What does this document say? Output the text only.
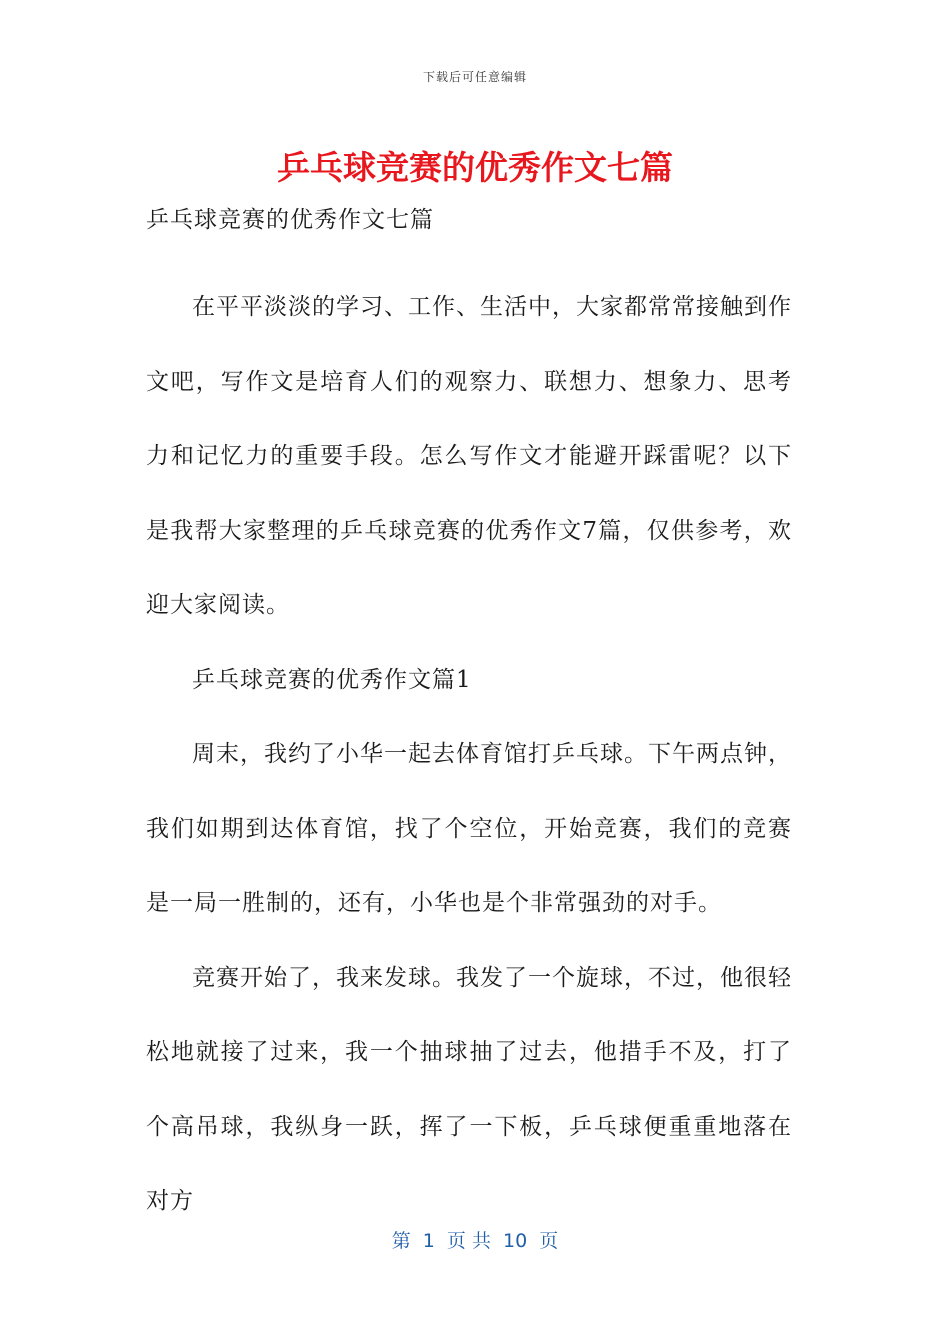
下载后可任意编辑
乒乓球竞赛的优秀作文七篇

乒乓球竞赛的优秀作文七篇

在平平淡淡的学习、工作、生活中，大家都常常接触到作文吧，写作文是培育人们的观察力、联想力、想象力、思考力和记忆力的重要手段。怎么写作文才能避开踩雷呢？以下是我帮大家整理的乒乓球竞赛的优秀作文7篇，仅供参考，欢迎大家阅读。

乒乓球竞赛的优秀作文篇1

周末，我约了小华一起去体育馆打乒乓球。下午两点钟，我们如期到达体育馆，找了个空位，开始竞赛，我们的竞赛是一局一胜制的，还有，小华也是个非常强劲的对手。

竞赛开始了，我来发球。我发了一个旋球，不过，他很轻松地就接了过来，我一个抽球抽了过去，他措手不及，打了个高吊球，我纵身一跃，挥了一下板，乒乓球便重重地落在对方

第  1  页 共  10  页
